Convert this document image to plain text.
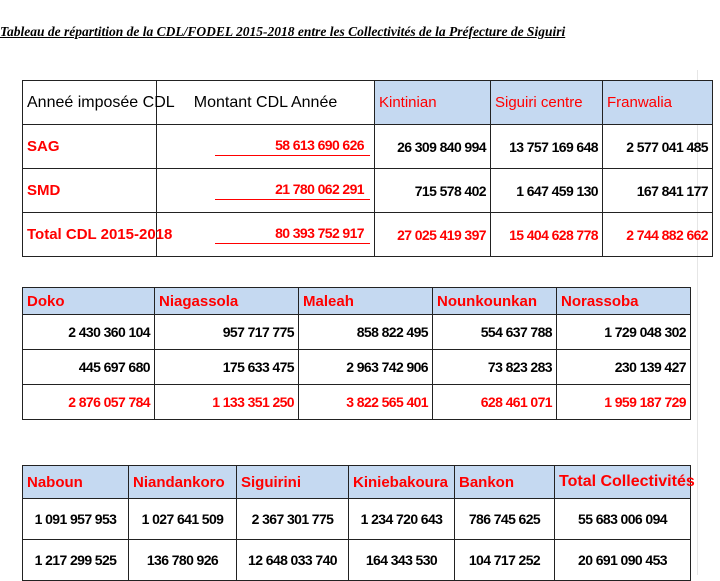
Tableau de répartition de la CDL/FODEL 2015-2018 entre les Collectivités de la Préfecture de Siguiri
Anneé imposée CDL	Montant CDL Année	Kintinian	Siguiri centre	Franwalia
SAG	58 613 690 626	26 309 840 994	13 757 169 648	2 577 041 485
SMD	21 780 062 291	715 578 402	1 647 459 130	167 841 177
Total CDL 2015-2018	80 393 752 917	27 025 419 397	15 404 628 778	2 744 882 662
Doko	Niagassola	Maleah	Nounkounkan	Norassoba
2 430 360 104	957 717 775	858 822 495	554 637 788	1 729 048 302
445 697 680	175 633 475	2 963 742 906	73 823 283	230 139 427
2 876 057 784	1 133 351 250	3 822 565 401	628 461 071	1 959 187 729
Naboun	Niandankoro	Siguirini	Kiniebakoura	Bankon	Total Collectivités
1 091 957 953	1 027 641 509	2 367 301 775	1 234 720 643	786 745 625	55 683 006 094
1 217 299 525	136 780 926	12 648 033 740	164 343 530	104 717 252	20 691 090 453
